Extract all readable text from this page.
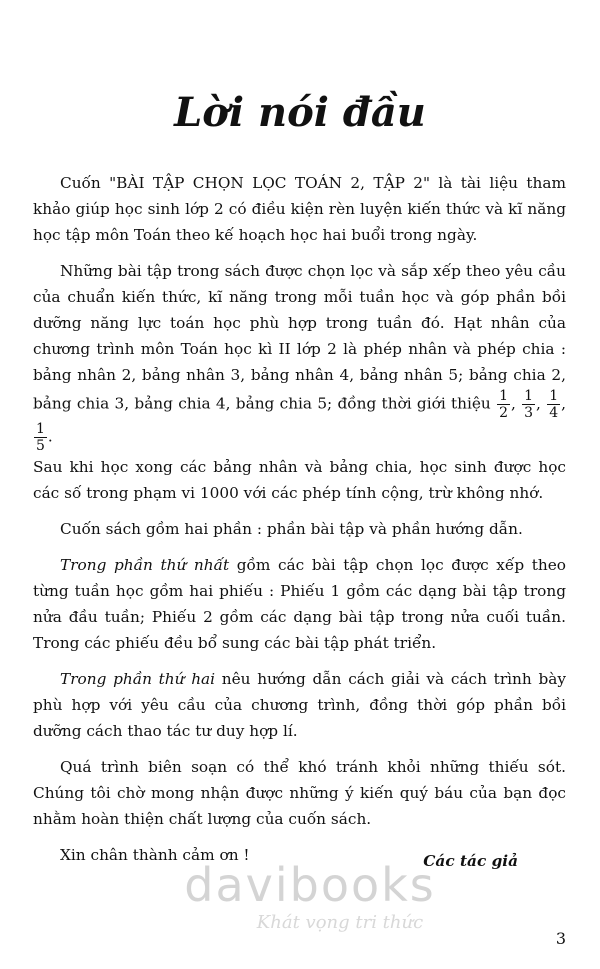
Lời nói đầu

Cuốn "BÀI TẬP CHỌN LỌC TOÁN 2, TẬP 2" là tài liệu tham khảo giúp học sinh lớp 2 có điều kiện rèn luyện kiến thức và kĩ năng học tập môn Toán theo kế hoạch học hai buổi trong ngày.

Những bài tập trong sách được chọn lọc và sắp xếp theo yêu cầu của chuẩn kiến thức, kĩ năng trong mỗi tuần học và góp phần bồi dưỡng năng lực toán học phù hợp trong tuần đó. Hạt nhân của chương trình môn Toán học kì II lớp 2 là phép nhân và phép chia : bảng nhân 2, bảng nhân 3, bảng nhân 4, bảng nhân 5; bảng chia 2, bảng chia 3, bảng chia 4, bảng chia 5; đồng thời giới thiệu $\frac{1}{2}$ , $\frac{1}{3}$ , $\frac{1}{4}$ ,
$\frac{1}{5}$ .
Sau khi học xong các bảng nhân và bảng chia, học sinh được học các số trong phạm vi 1000 với các phép tính cộng, trừ không nhớ.

Cuốn sách gồm hai phần : phần bài tập và phần hướng dẫn.

Trong phần thứ nhất gồm các bài tập chọn lọc được xếp theo từng tuần học gồm hai phiếu : Phiếu 1 gồm các dạng bài tập trong nửa đầu tuần; Phiếu 2 gồm các dạng bài tập trong nửa cuối tuần. Trong các phiếu đều bổ sung các bài tập phát triển.

Trong phần thứ hai nêu hướng dẫn cách giải và cách trình bày phù hợp với yêu cầu của chương trình, đồng thời góp phần bồi dưỡng cách thao tác tư duy hợp lí.

Quá trình biên soạn có thể khó tránh khỏi những thiếu sót. Chúng tôi chờ mong nhận được những ý kiến quý báu của bạn đọc nhằm hoàn thiện chất lượng của cuốn sách.

Xin chân thành cảm ơn !

davibooks
Khát vọng tri thức
Các tác giả
3
